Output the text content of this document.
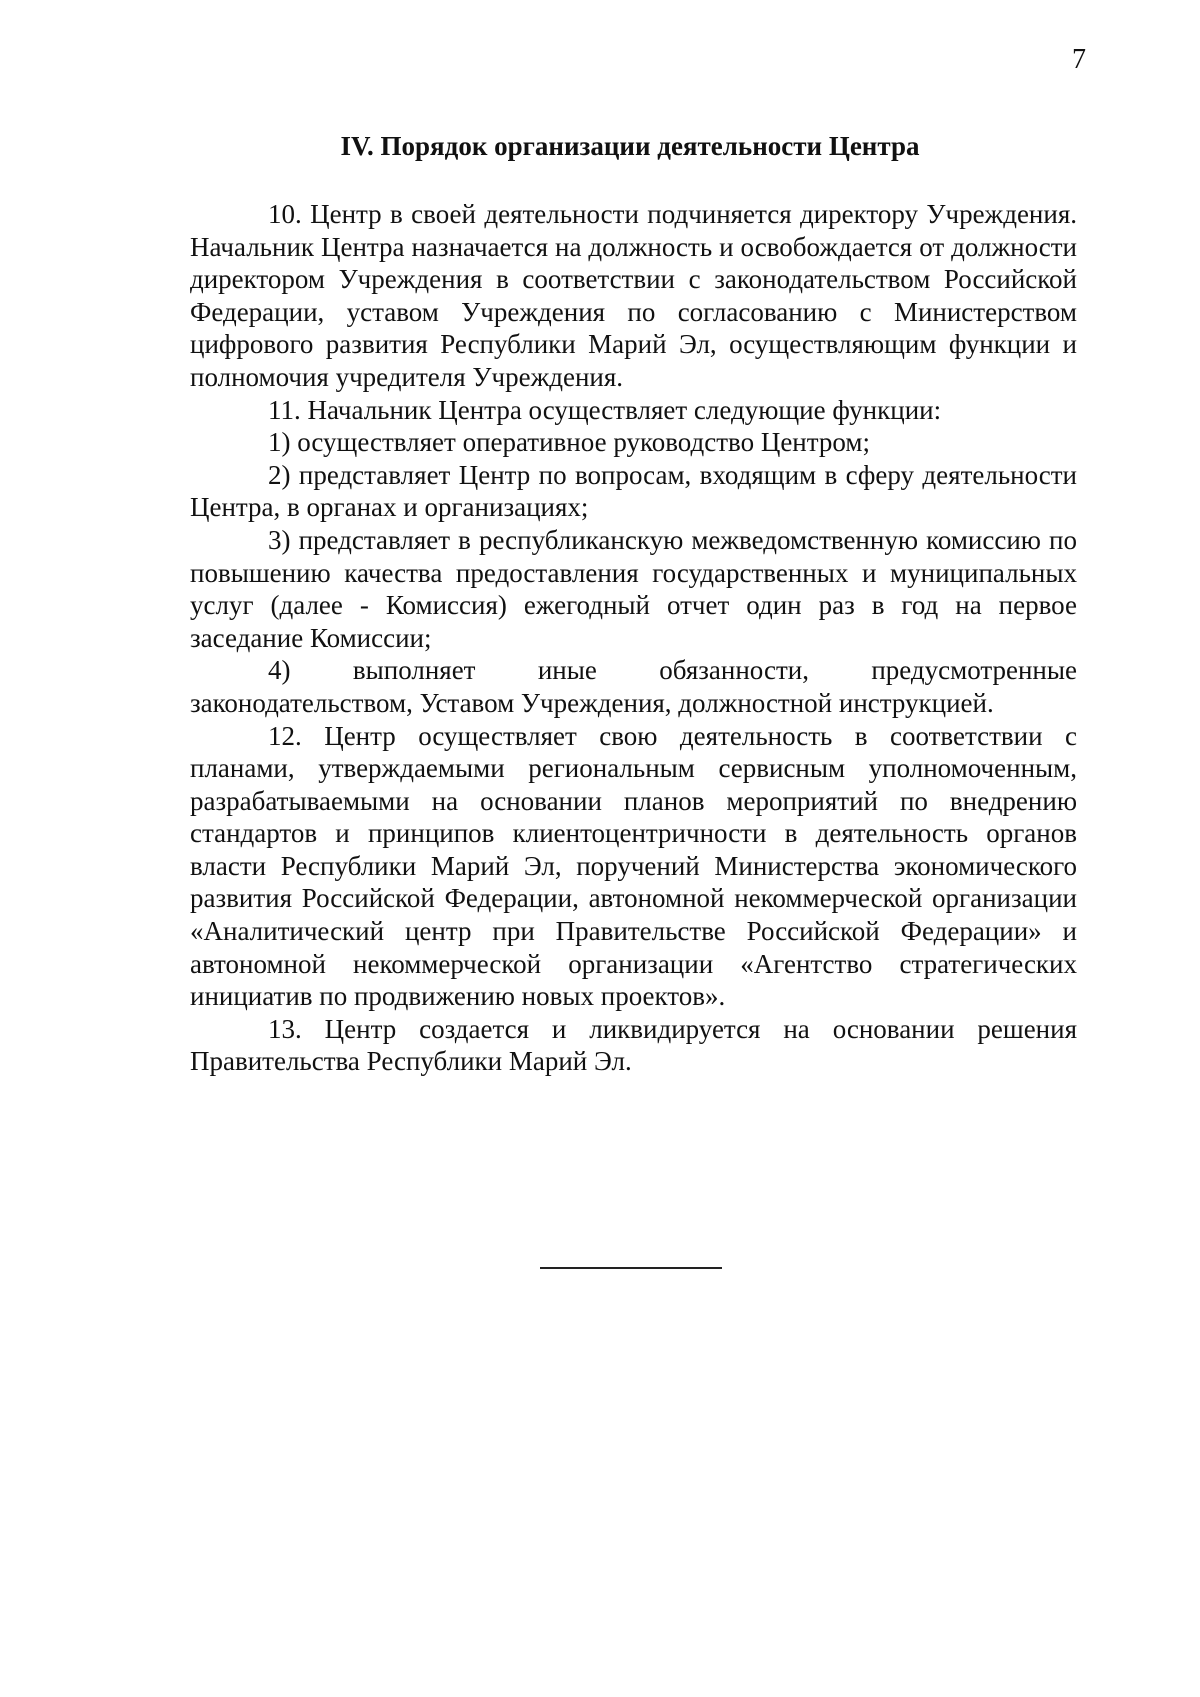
7
IV. Порядок организации деятельности Центра

10. Центр в своей деятельности подчиняется директору Учреждения. Начальник Центра назначается на должность и освобождается от должности директором Учреждения в соответствии с законодательством Российской Федерации, уставом Учреждения по согласованию с Министерством цифрового развития Республики Марий Эл, осуществляющим функции и полномочия учредителя Учреждения.

11. Начальник Центра осуществляет следующие функции:

1) осуществляет оперативное руководство Центром;

2) представляет Центр по вопросам, входящим в сферу деятельности Центра, в органах и организациях;

3) представляет в республиканскую межведомственную комиссию по повышению качества предоставления государственных и муниципальных услуг (далее - Комиссия) ежегодный отчет один раз в год на первое заседание Комиссии;

4) выполняет иные обязанности, предусмотренные законодательством, Уставом Учреждения, должностной инструкцией.

12. Центр осуществляет свою деятельность в соответствии с планами, утверждаемыми региональным сервисным уполномоченным, разрабатываемыми на основании планов мероприятий по внедрению стандартов и принципов клиентоцентричности в деятельность органов власти Республики Марий Эл, поручений Министерства экономического развития Российской Федерации, автономной некоммерческой организации «Аналитический центр при Правительстве Российской Федерации» и автономной некоммерческой организации «Агентство стратегических инициатив по продвижению новых проектов».

13. Центр создается и ликвидируется на основании решения Правительства Республики Марий Эл.
